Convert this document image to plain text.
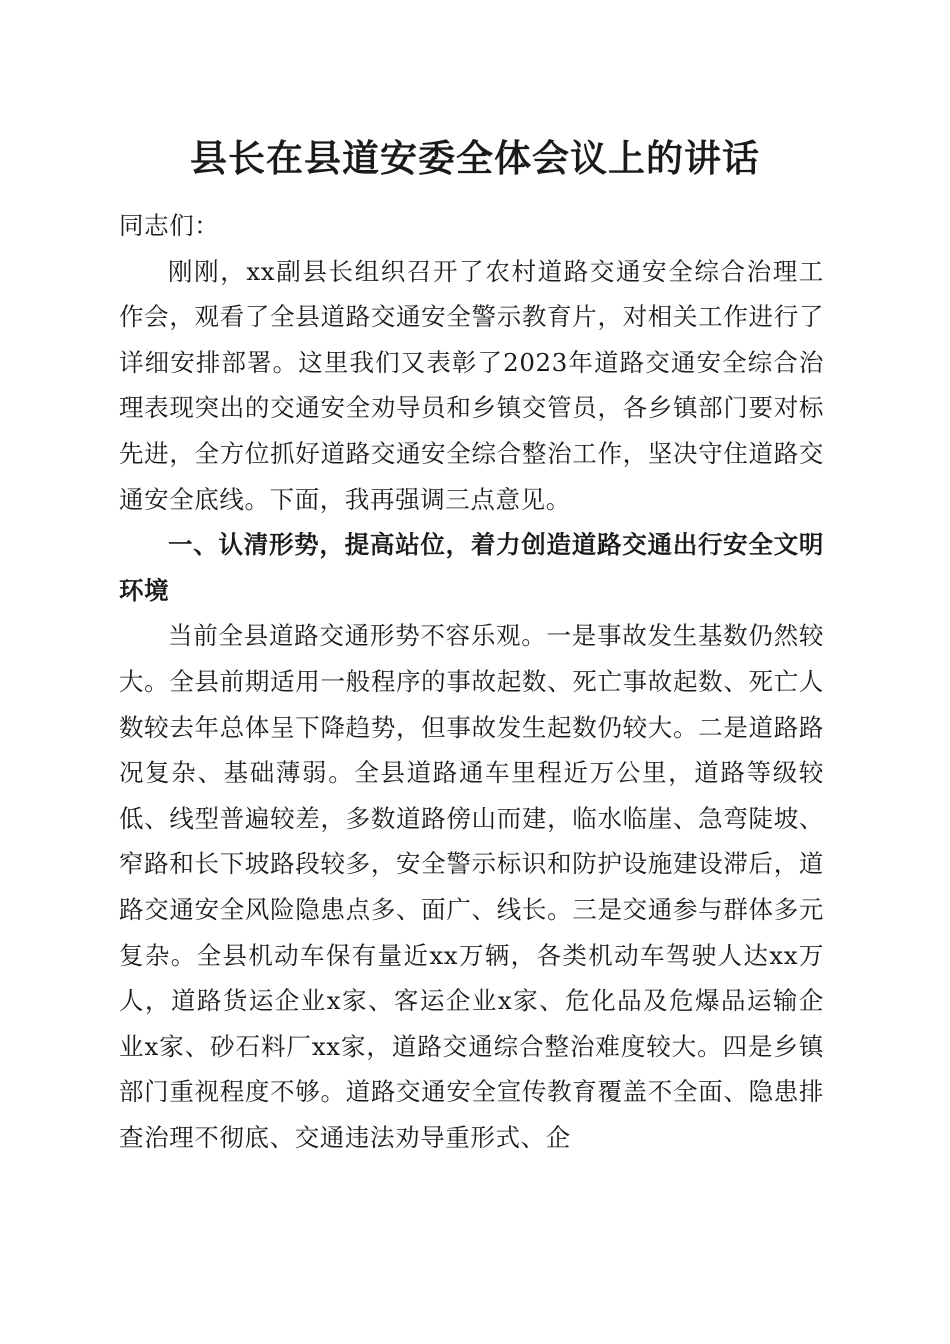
县长在县道安委全体会议上的讲话

同志们：

刚刚，xx副县长组织召开了农村道路交通安全综合治理工作会，观看了全县道路交通安全警示教育片，对相关工作进行了详细安排部署。这里我们又表彰了2023年道路交通安全综合治理表现突出的交通安全劝导员和乡镇交管员，各乡镇部门要对标先进，全方位抓好道路交通安全综合整治工作，坚决守住道路交通安全底线。下面，我再强调三点意见。

一、认清形势，提高站位，着力创造道路交通出行安全文明环境

当前全县道路交通形势不容乐观。一是事故发生基数仍然较大。全县前期适用一般程序的事故起数、死亡事故起数、死亡人数较去年总体呈下降趋势，但事故发生起数仍较大。二是道路路况复杂、基础薄弱。全县道路通车里程近万公里，道路等级较低、线型普遍较差，多数道路傍山而建，临水临崖、急弯陡坡、窄路和长下坡路段较多，安全警示标识和防护设施建设滞后，道路交通安全风险隐患点多、面广、线长。三是交通参与群体多元复杂。全县机动车保有量近xx万辆，各类机动车驾驶人达xx万人，道路货运企业x家、客运企业x家、危化品及危爆品运输企业x家、砂石料厂xx家，道路交通综合整治难度较大。四是乡镇部门重视程度不够。道路交通安全宣传教育覆盖不全面、隐患排查治理不彻底、交通违法劝导重形式、企
